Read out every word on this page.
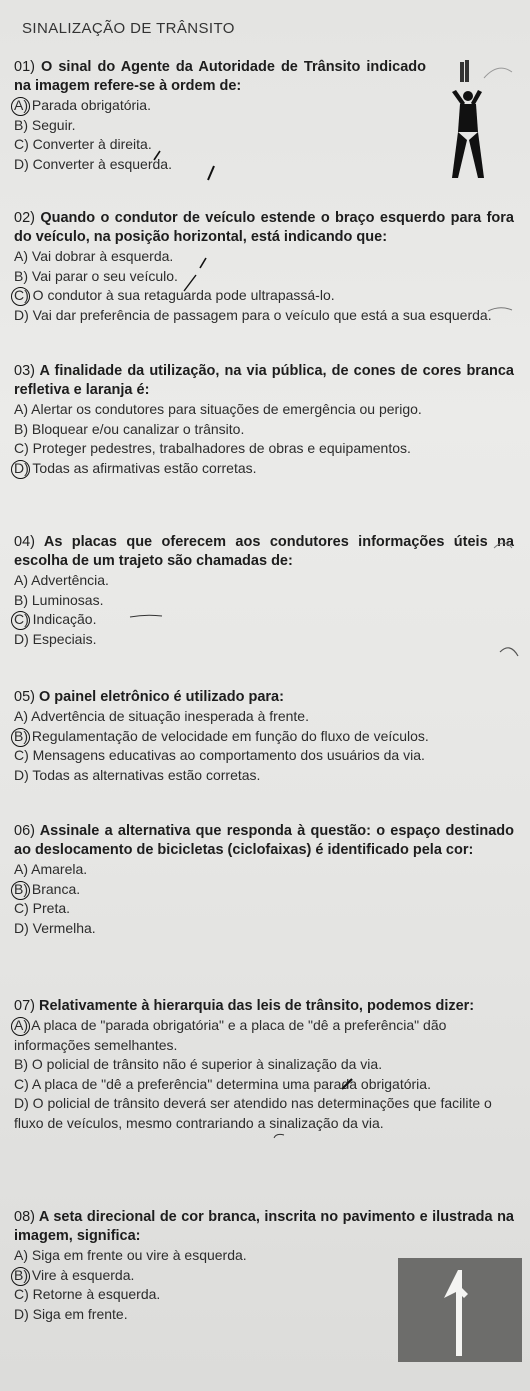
SINALIZAÇÃO DE TRÂNSITO
01) O sinal do Agente da Autoridade de Trânsito indicado na imagem refere-se à ordem de:
A) Parada obrigatória.
B) Seguir.
C) Converter à direita.
D) Converter à esquerda.
02) Quando o condutor de veículo estende o braço esquerdo para fora do veículo, na posição horizontal, está indicando que:
A) Vai dobrar à esquerda.
B) Vai parar o seu veículo.
C) O condutor à sua retaguarda pode ultrapassá-lo.
D) Vai dar preferência de passagem para o veículo que está a sua esquerda.
03) A finalidade da utilização, na via pública, de cones de cores branca refletiva e laranja é:
A) Alertar os condutores para situações de emergência ou perigo.
B) Bloquear e/ou canalizar o trânsito.
C) Proteger pedestres, trabalhadores de obras e equipamentos.
D) Todas as afirmativas estão corretas.
04) As placas que oferecem aos condutores informações úteis na escolha de um trajeto são chamadas de:
A) Advertência.
B) Luminosas.
C) Indicação.
D) Especiais.
05) O painel eletrônico é utilizado para:
A) Advertência de situação inesperada à frente.
B) Regulamentação de velocidade em função do fluxo de veículos.
C) Mensagens educativas ao comportamento dos usuários da via.
D) Todas as alternativas estão corretas.
06) Assinale a alternativa que responda à questão: o espaço destinado ao deslocamento de bicicletas (ciclofaixas) é identificado pela cor:
A) Amarela.
B) Branca.
C) Preta.
D) Vermelha.
07) Relativamente à hierarquia das leis de trânsito, podemos dizer:
A) A placa de "parada obrigatória" e a placa de "dê a preferência" dão informações semelhantes.
B) O policial de trânsito não é superior à sinalização da via.
C) A placa de "dê a preferência" determina uma parada obrigatória.
D) O policial de trânsito deverá ser atendido nas determinações que facilite o fluxo de veículos, mesmo contrariando a sinalização da via.
08) A seta direcional de cor branca, inscrita no pavimento e ilustrada na imagem, significa:
A) Siga em frente ou vire à esquerda.
B) Vire à esquerda.
C) Retorne à esquerda.
D) Siga em frente.
